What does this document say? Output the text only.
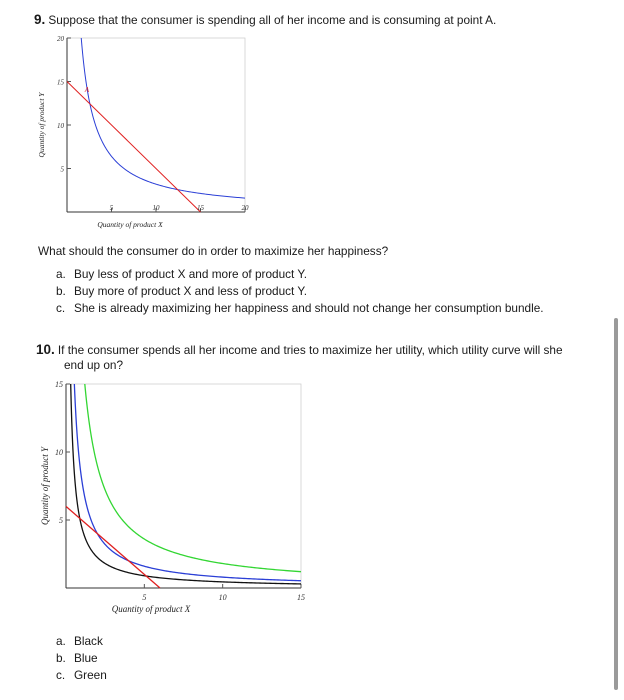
9. Suppose that the consumer is spending all of her income and is consuming at point A.

5	10	15	20
5
10
15
20
Quantity of product X
Quantity of product Y
A
What should the consumer do in order to maximize her happiness?
a. Buy less of product X and more of product Y.
b. Buy more of product X and less of product Y.
c. She is already maximizing her happiness and should not change her consumption bundle.

10. If the consumer spends all her income and tries to maximize her utility, which utility curve will she

end up on?
5	10	15
5
10
15
Quantity of product X
Quantity of product Y
a. Black
b. Blue
c. Green
